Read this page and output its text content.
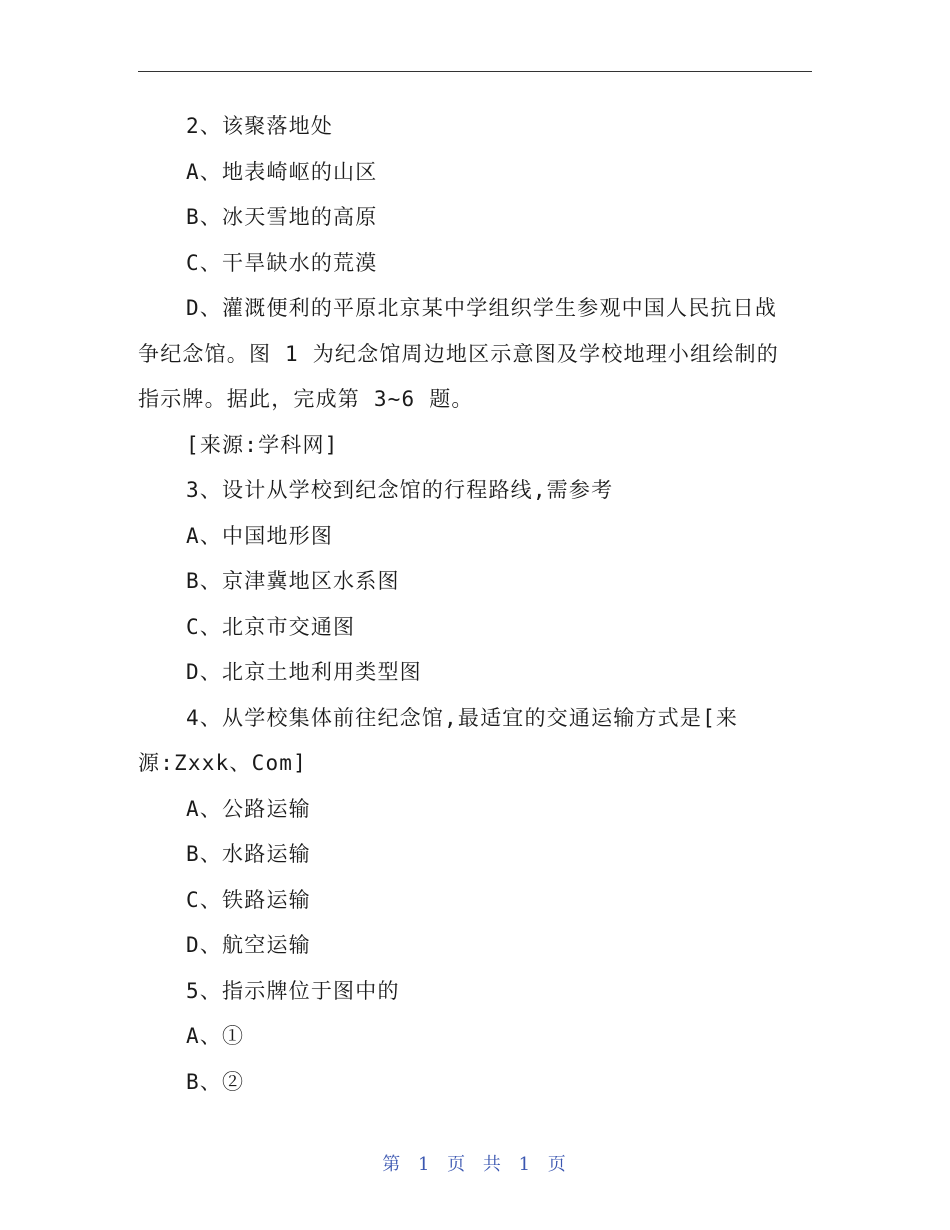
2、该聚落地处
A、地表崎岖的山区
B、冰天雪地的高原
C、干旱缺水的荒漠
D、灌溉便利的平原北京某中学组织学生参观中国人民抗日战
争纪念馆。图 1 为纪念馆周边地区示意图及学校地理小组绘制的
指示牌。据此，完成第 3~6 题。
[来源:学科网]
3、设计从学校到纪念馆的行程路线,需参考
A、中国地形图
B、京津冀地区水系图
C、北京市交通图
D、北京土地利用类型图
4、从学校集体前往纪念馆,最适宜的交通运输方式是[来
源:Zxxk、Com]
A、公路运输
B、水路运输
C、铁路运输
D、航空运输
5、指示牌位于图中的
A、①
B、②
第 1 页 共 1 页
